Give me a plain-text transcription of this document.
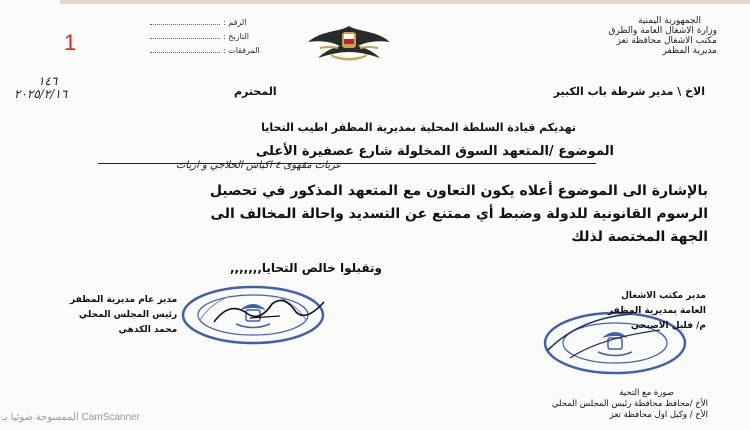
الجمهورية اليمنية
وزارة الاشغال العامة والطرق
مكتب الاشغال محافظة تعز
مديرية المظفر
الرقم :
التاريخ :
المرفقات :
1
١٤٦
٢٠٢٥/٢/١٦	الاخ \ مدير شرطة باب الكبير
المحترم
تهديكم قيادة السلطة المحلية بمديرية المظفر اطيب التحايا
الموضوع /المتعهد السوق المخلولة شارع عصفيرة الأعلى
عربات مقهوى ٤ اكياس الحلاجي و اريات
بالإشارة الى الموضوع أعلاه يكون التعاون مع المتعهد المذكور في تحصيل
الرسوم القانونية للدولة وضبط أي ممتنع عن التسديد واحالة المخالف الى
الجهة المختصة لذلك
وتقبلوا خالص التحايا,,,,,,,
مدير عام مديرية المظفر
رئيس المجلس المحلي
محمد الكدهي
مدير مكتب الاشغال
العامة بمديرية المظفر
م/ فلبل الاصبحي
صورة مع التحية
الأخ /محافظ محافظة رئيس المجلس المحلي
الأخ / وكيل اول محافظة تعز
الممسوحة ضوئيا بـ CamScanner
